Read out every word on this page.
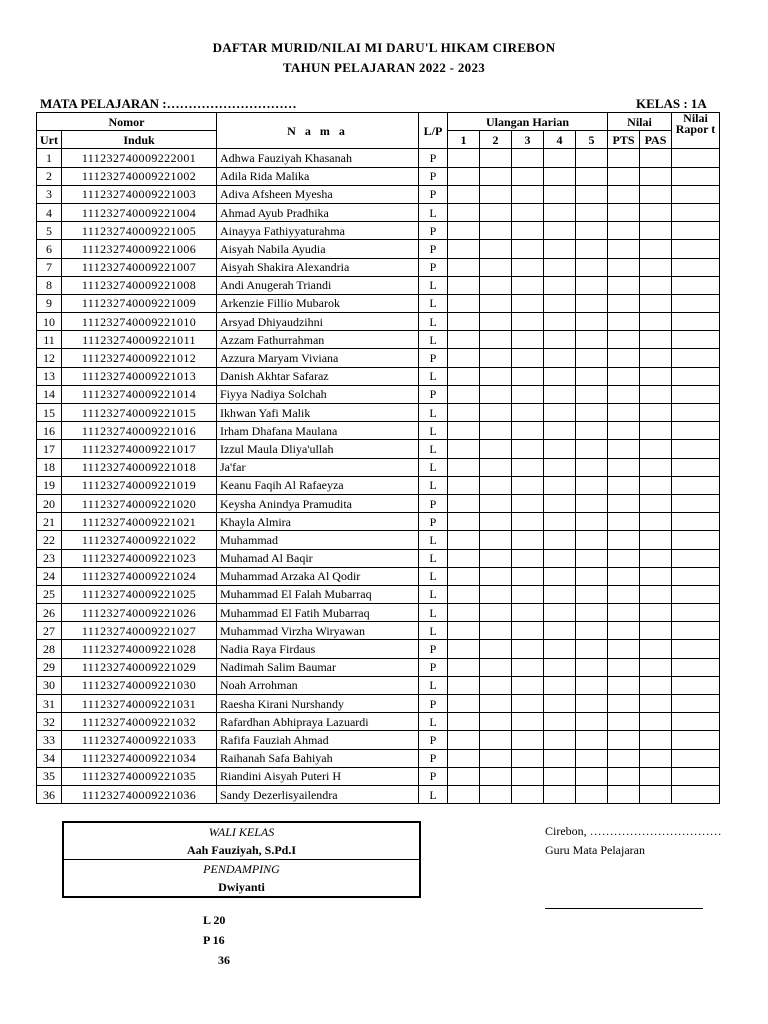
DAFTAR MURID/NILAI MI DARU'L HIKAM CIREBON
TAHUN PELAJARAN 2022 - 2023
MATA PELAJARAN :…………………………	KELAS : 1A
Nomor		N a m a	L/P	Ulangan Harian					Nilai		Nilai Rapor t
Urt	Induk			1	2	3	4	5	PTS	PAS	
1	111232740009222001	Adhwa Fauziyah Khasanah	P								
2	111232740009221002	Adila Rida Malika	P								
3	111232740009221003	Adiva Afsheen Myesha	P								
4	111232740009221004	Ahmad Ayub Pradhika	L								
5	111232740009221005	Ainayya Fathiyyaturahma	P								
6	111232740009221006	Aisyah Nabila Ayudia	P								
7	111232740009221007	Aisyah Shakira Alexandria	P								
8	111232740009221008	Andi Anugerah Triandi	L								
9	111232740009221009	Arkenzie Fillio Mubarok	L								
10	111232740009221010	Arsyad Dhiyaudzihni	L								
11	111232740009221011	Azzam Fathurrahman	L								
12	111232740009221012	Azzura Maryam Viviana	P								
13	111232740009221013	Danish Akhtar Safaraz	L								
14	111232740009221014	Fiyya Nadiya Solchah	P								
15	111232740009221015	Ikhwan Yafi Malik	L								
16	111232740009221016	Irham Dhafana Maulana	L								
17	111232740009221017	Izzul Maula Dliya'ullah	L								
18	111232740009221018	Ja'far	L								
19	111232740009221019	Keanu Faqih Al Rafaeyza	L								
20	111232740009221020	Keysha Anindya Pramudita	P								
21	111232740009221021	Khayla Almira	P								
22	111232740009221022	Muhammad	L								
23	111232740009221023	Muhamad Al Baqir	L								
24	111232740009221024	Muhammad Arzaka Al Qodir	L								
25	111232740009221025	Muhammad El Falah Mubarraq	L								
26	111232740009221026	Muhammad El Fatih Mubarraq	L								
27	111232740009221027	Muhammad Virzha Wiryawan	L								
28	111232740009221028	Nadia Raya Firdaus	P								
29	111232740009221029	Nadimah Salim Baumar	P								
30	111232740009221030	Noah Arrohman	L								
31	111232740009221031	Raesha Kirani Nurshandy	P								
32	111232740009221032	Rafardhan Abhipraya Lazuardi	L								
33	111232740009221033	Rafifa Fauziah Ahmad	P								
34	111232740009221034	Raihanah Safa Bahiyah	P								
35	111232740009221035	Riandini Aisyah Puteri H	P								
36	111232740009221036	Sandy Dezerlisyailendra	L								
WALI KELAS
Aah Fauziyah, S.Pd.I
PENDAMPING
Dwiyanti
Cirebon, ……………………………
Guru Mata Pelajaran
L 20
P 16
36
